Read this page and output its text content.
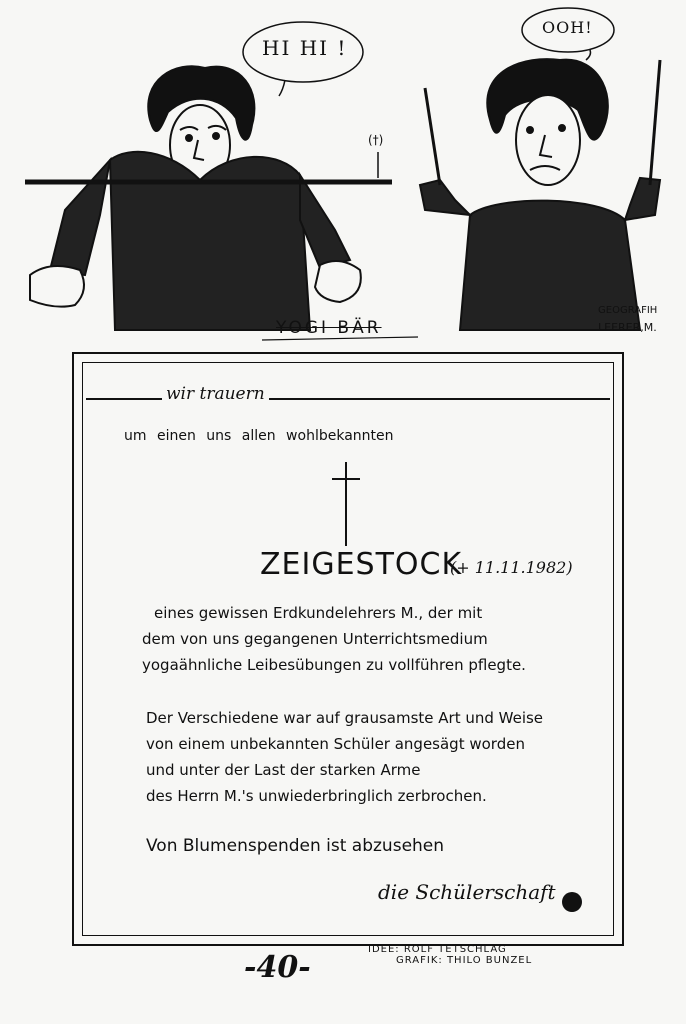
HI HI !
OOH!
(†)
YOGI BÄR
GEOGRAFIH
LEERER,M.
wir trauern
um einen uns allen wohlbekannten
ZEIGESTOCK
(+ 11.11.1982)
eines gewissen Erdkundelehrers M., der mit
dem von uns gegangenen Unterrichtsmedium
yogaähnliche Leibesübungen zu vollführen pflegte.
Der Verschiedene war auf grausamste Art und Weise
von einem unbekannten Schüler angesägt worden
und unter der Last der starken Arme
des Herrn M.'s unwiederbringlich zerbrochen.
Von Blumenspenden ist abzusehen
die Schülerschaft
IDEE: ROLF TETSCHLAG
GRAFIK: THILO BUNZEL
-40-
